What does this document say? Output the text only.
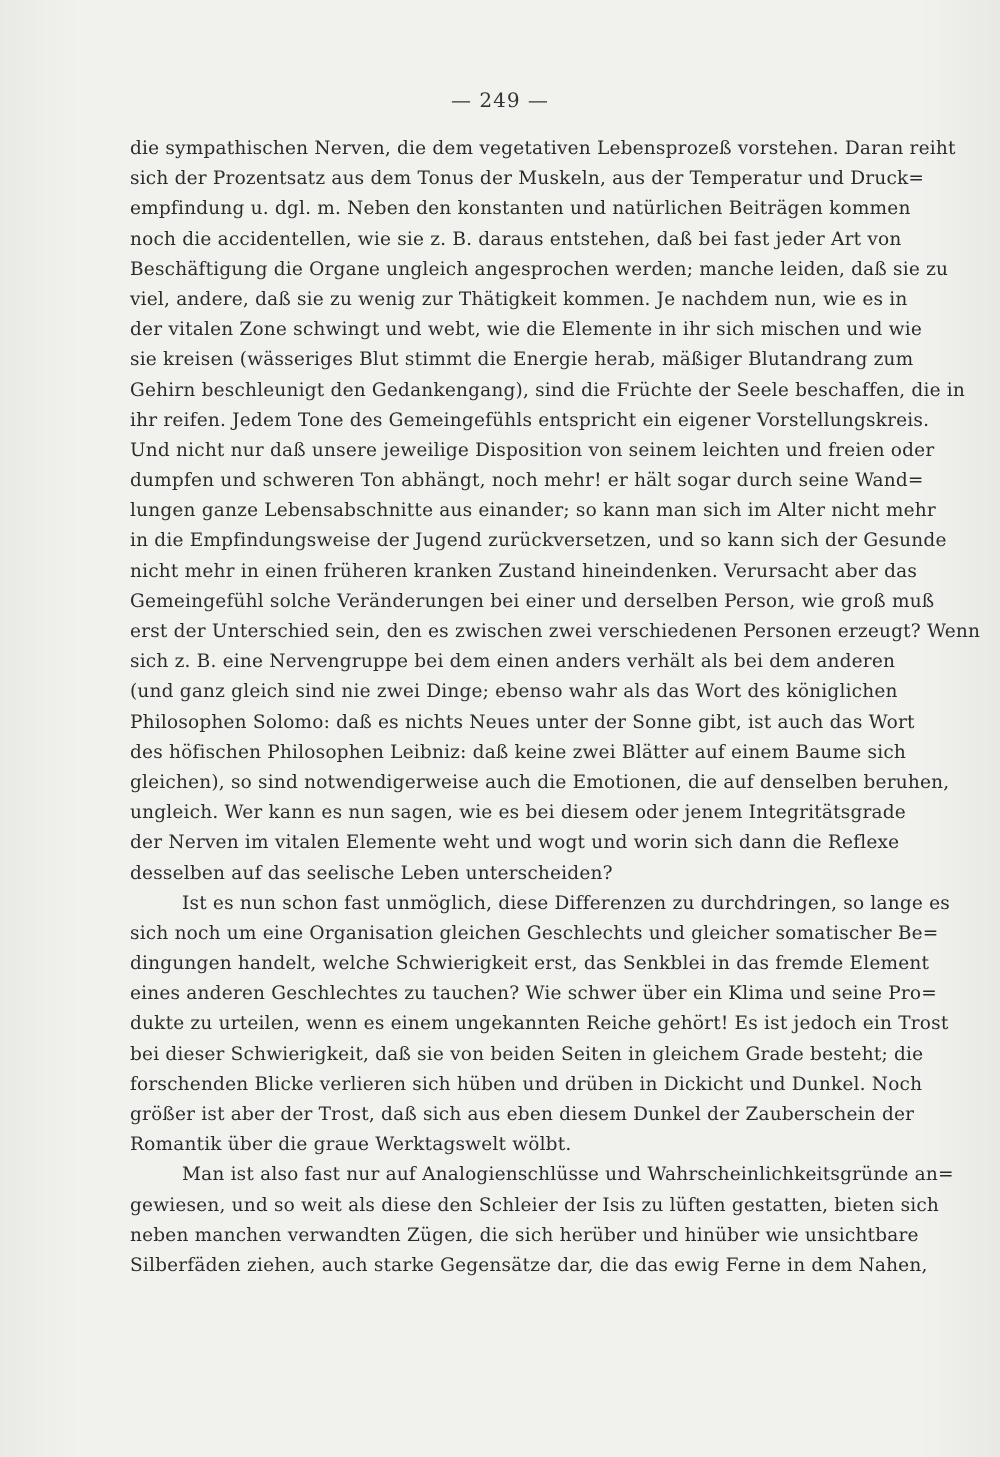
— 249 —
die sympathischen Nerven, die dem vegetativen Lebensprozeß vorstehen. Daran reiht
sich der Prozentsatz aus dem Tonus der Muskeln, aus der Temperatur und Druck=
empfindung u. dgl. m. Neben den konstanten und natürlichen Beiträgen kommen
noch die accidentellen, wie sie z. B. daraus entstehen, daß bei fast jeder Art von
Beschäftigung die Organe ungleich angesprochen werden; manche leiden, daß sie zu
viel, andere, daß sie zu wenig zur Thätigkeit kommen. Je nachdem nun, wie es in
der vitalen Zone schwingt und webt, wie die Elemente in ihr sich mischen und wie
sie kreisen (wässeriges Blut stimmt die Energie herab, mäßiger Blutandrang zum
Gehirn beschleunigt den Gedankengang), sind die Früchte der Seele beschaffen, die in
ihr reifen. Jedem Tone des Gemeingefühls entspricht ein eigener Vorstellungskreis.
Und nicht nur daß unsere jeweilige Disposition von seinem leichten und freien oder
dumpfen und schweren Ton abhängt, noch mehr! er hält sogar durch seine Wand=
lungen ganze Lebensabschnitte aus einander; so kann man sich im Alter nicht mehr
in die Empfindungsweise der Jugend zurückversetzen, und so kann sich der Gesunde
nicht mehr in einen früheren kranken Zustand hineindenken. Verursacht aber das
Gemeingefühl solche Veränderungen bei einer und derselben Person, wie groß muß
erst der Unterschied sein, den es zwischen zwei verschiedenen Personen erzeugt? Wenn
sich z. B. eine Nervengruppe bei dem einen anders verhält als bei dem anderen
(und ganz gleich sind nie zwei Dinge; ebenso wahr als das Wort des königlichen
Philosophen Solomo: daß es nichts Neues unter der Sonne gibt, ist auch das Wort
des höfischen Philosophen Leibniz: daß keine zwei Blätter auf einem Baume sich
gleichen), so sind notwendigerweise auch die Emotionen, die auf denselben beruhen,
ungleich. Wer kann es nun sagen, wie es bei diesem oder jenem Integritätsgrade
der Nerven im vitalen Elemente weht und wogt und worin sich dann die Reflexe
desselben auf das seelische Leben unterscheiden?
Ist es nun schon fast unmöglich, diese Differenzen zu durchdringen, so lange es
sich noch um eine Organisation gleichen Geschlechts und gleicher somatischer Be=
dingungen handelt, welche Schwierigkeit erst, das Senkblei in das fremde Element
eines anderen Geschlechtes zu tauchen? Wie schwer über ein Klima und seine Pro=
dukte zu urteilen, wenn es einem ungekannten Reiche gehört! Es ist jedoch ein Trost
bei dieser Schwierigkeit, daß sie von beiden Seiten in gleichem Grade besteht; die
forschenden Blicke verlieren sich hüben und drüben in Dickicht und Dunkel. Noch
größer ist aber der Trost, daß sich aus eben diesem Dunkel der Zauberschein der
Romantik über die graue Werktagswelt wölbt.
Man ist also fast nur auf Analogienschlüsse und Wahrscheinlichkeitsgründe an=
gewiesen, und so weit als diese den Schleier der Isis zu lüften gestatten, bieten sich
neben manchen verwandten Zügen, die sich herüber und hinüber wie unsichtbare
Silberfäden ziehen, auch starke Gegensätze dar, die das ewig Ferne in dem Nahen,
